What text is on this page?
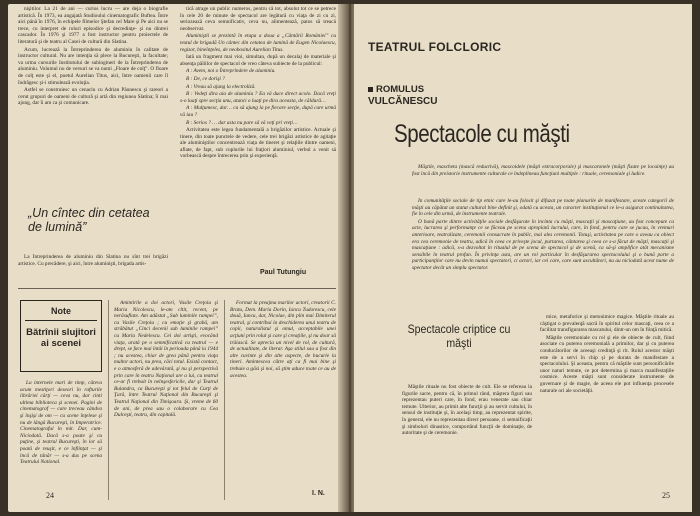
nişitilor. La 21 de ani — curios lucru — are deja o biografie artistică. În 1973, ea angajată Studioului cinematografic Buftea. Între aici până în 1976, în echipele filmelor Ştefan cel Mare şi Pe aici nu se trece, cu interpret de roluri episodice şi decredinţe- şi nu dintrei cascador. În 1976 şi 1977 a fost instructor pentru proiectele de literatură şi de teatru al Casei de cultură din Slatina.

Acum, lucrează la Întreprinderea de aluminiu în calitate de instructor cultural. Nu are intenţia să plece la Bucureşti, la facultate; va urma cursurile Institutului de subingineri de la Întreprinderea de aluminiu. Volumul nu de versuri se va numi „Floare de colţ”. O floare de colţ este şi el, poetul Aurelian Titus, aici, între oamenii care îl îndrăgesc şi-i stimulează evoluţia.

Astfel se construiesc un cenaclu cu Adrian Păunescu şi rareori a cerut grupuri de oameni de cultură şi artă din regiunea Slatina; îi mai ajung, dar îi am ca şi comunicare.

tică atrage un public numeros, pentru că tot, absolut tot ce se petrece în cele 20 de minute de spectacol are legătură cu viaţa de zi cu zi, seriozează cevа semnificativ, ceva nu, alimentează, patos să treacă neobservat.

Aluminiştii se prezintă în etapa a doua a „Cântării României” cu textul de brigadă Un cântec din cetatea de lumină de Eugen Nicolaescu, regizor, bineînţeles, de neobositul Aurelian Titus.

Iată un fragment mai vioi, simultan, după un decalaj de materiale şi absenţa păliilor de spectacol de vreo câteva subiecte de la publicul:

A : Avem, noi o Întreprindere de aluminiu.

B : De, ce dorişi ?

A : Vreau să ajung la electroliză.

B : Vedeţi dira aia de aluminiu ? Ea vă duce direct acolo. Dacă vreţi s-o luaţi spre secţia unu, atunci o luaţi pe dira aceasta, de căldură…

A : Mulţumesc, dar… ca să ajung la pe fiecare secţie, după care urmă vă iau ?

B : Serios ? … dar asta nu pare să vă veţi pri vreţi…

Activitatea este legea fundamentală a brigăzilor artistice. Actuale şi tinere, din toate punctele de vedere, cele trei brigăzi artistice de agitaţie ale aluminiştilor concentrează viaţa de tineret şi relaţiile dintre oameni, aflate, de fapt, sub cuplurile lui fraţiori aluminiul, verbul a venit să vorbească despre întrecerea prin şi experienţă.

„Un cîntec din cetatea de lumină”

La Întreprinderea de aluminiu din Slatina nu sînt trei brigăzi artistice. Cu precădere, şi aici, între aluminişti, brigada artis-

Paul Tutungiu
Note
Bătrînii slujitori ai scenei

La internele mari de timp, câteva acum mestiţori deseori în rafturile librăriei cărţi — ceva nu, dar cinti ultima biblioteca şi scenei. Pagini de cinematograf — care treceau cândva şi înşişi de om — cu scene înţelese şi nu de lângă Bucureşti, în Imperatrice. Cinematograful în mit. Dar, cum-Niciodată. Dacă s-a poate şi cu puţine, şi teatrul Bucureşti, în lor să poată de reuşit, e ce înfiinţat — şi încă de tânăr — s-a dus pe scena Teatrului National.

Amintirile a doi actori, Vasile Creţoiu şi Maria Nicolescu, le-am cltit, recent, pe nerăsuflate. Am adăstat „Sub luminile rampei”, cu Vasile Creţoiu ; cu emoţie şi grabă, am străbătut „Cinci decenii sub luminile rampei” cu Maria Nedelescu. Cei doi artişti, evocând viaţa, arată pe o semnificativă cu teatrul — e drept, se face mai întâi în perioada până la 1944 ; nu acestea, chiar de grea până pentru viaţa multor actori, nu prea, căci totul. Există contact, e o atmosferă de adevărată, şi nu şi perspectivă prin care în teatru Naţional are a lui, cu teatrul ce-ar fi trebuit în neînşesfericile, dar şi Teatrul Bulandra, ca Bucureşti şi tot felul de Curţi de Ţară, între Teatrul Naţional din Bucureşti şi Teatrul Naţional din Timişoara. Şi, vreme de 60 de ani, de prea sau o colaborare cu Cea Dulceşti, teatru, din capitală.

Format la preajma marilor actori, creatorii C. Bratu, Dem. Maria Dorin, Iancu Tudorescu, cele două, Iancu, dar, Nicolae, din plin mai Dimiterul teatral, şi contribui la deschiderea unui teatru de copii, naturalistul şi omul, acceptabile unei acţiuni prin rolul şi care şi creaţiile, şi nu doar să trăiască. Se aprecia un nivel de rol, de cultură, de actualitate, de literar. Aşa stilul sau a fost din alte cuvinte şi din alte aspecte, de bucurie la tineri. Amintescea către aţi ca fi mai bine şi trebuie a găsi şi noi, să ştim aduce toate ce au de acestea.

I. N.
24
TEATRUL FOLCLORIC
ROMULUS
VULCĂNESCU
Spectacole cu măşti

Măştile, mascheta (mască reductivă), mascoidele (măşti extracorporale) şi mascaronele (măşti fixate pe locuinţe) au fost încă din preistorie instrumente culturale ce îndeplineau funcţiuni multiple : rituale, ceremoniale şi ludice.

În comunităţile sociale de tip etnic care le-au folosit şi difuzat pe toate planurile de manifestare, aceste categorii de măşti au căpătat un statut cultural bine definit şi, odată cu acesta, un caracter instituţional ce le-a asigurat continuitatea, fie în cele din urmă, de instrumente teatrale.

O bună parte dintre activităţile sociale desfăşurate în incinta cu măşti, mascaţii şi mascaţiune, au fost concepute ca acte, lucrarea şi performanţe ce se făceau pe scena apropiată lucrului, care, în fond, pentru care se jucau, în vremuri anterioare, teatralizate, ceremonii consacrate în public, mai ales ceremonii. Totuşi, activitatea pe care o aveau ca obiect era cea ceremonie de teatru, adică în ceea ce priveşte jocul, purtarea, cântarea şi ceea ce s-a făcut de măşti, mascaţii şi mascaţiune : adică, s-a dezvoltat în ritualul de pe scena de spectacol şi de scenă, ca să-şi amplifice atât mecanisme sensibile în teatrul profan. În privinţa asta, are un rol particular în desfăşurarea spectacolului şi o bună parte a participanţilor care nu devin numai spectatori, ci actori, iar cei care, care sunt ascultători, nu au niciodată acest nume de spectator decât un simplu spectator.

Spectacole criptice cu măşti

Măştile rituale nu fost obiecte de cult. Ele se refereau la figurile sacre, pentru că, în primul rând, măştera figuri sau reprezentau puteri care, în fond, erau venerate sau chiar temute. Ulterior, au primit alte funcţii şi au servit cultului, în sensul de instituţie şi, în acelaşi timp, au reprezentat spirite, în general, ele nu reprezentau direct persoane, ci semnificaţii şi simboluri dinastice, comportând funcţii de dominaţie, de autoritate şi de ceremonie.

mice, metaforice şi metonimice magice. Măştile rituale au câştigat o prevalenţă sacră în spiritul celor mascaţi, ceea ce a facilitat transfigurarea mascatului, dintr-un om în fiinţă mitică.

Măştile ceremoniale cu rol şi ele de obiecte de cult, fiind asociate cu puterea ceremonială a primilor, dar şi cu puterea conducătorilor de aceeaşi credinţă şi rit. Rolul acestor măşti este de a servi în chip şi pe durata de manifestare a spectacolului. Şi aceasta, pentru că măştile sunt personificările unor naturi temute, ce pot determina şi marca manifestaţiile cosmice. Aceste măşti sunt considerate instrumente de guvernare şi de magie, de aceea ele pot influenţa procesele naturale ori ale societăţii.

25
